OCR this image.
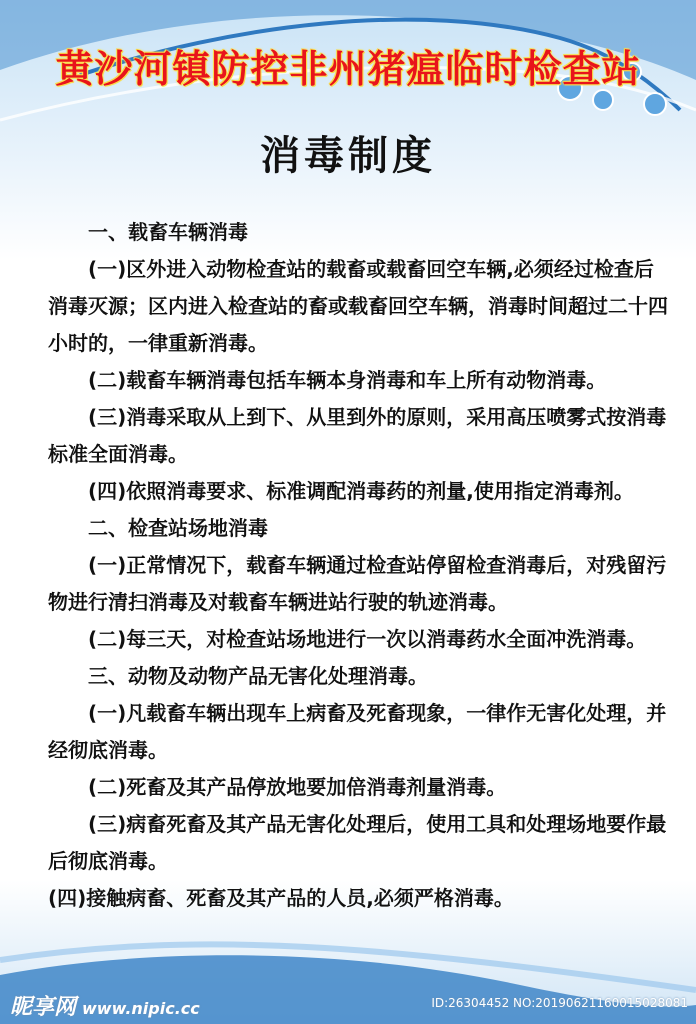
黄沙河镇防控非州猪瘟临时检查站
消毒制度

一、载畜车辆消毒

(一)区外进入动物检查站的载畜或载畜回空车辆,必须经过检查后消毒灭源；区内进入检查站的畜或载畜回空车辆，消毒时间超过二十四小时的，一律重新消毒。

(二)载畜车辆消毒包括车辆本身消毒和车上所有动物消毒。

(三)消毒采取从上到下、从里到外的原则，采用高压喷雾式按消毒标准全面消毒。

(四)依照消毒要求、标准调配消毒药的剂量,使用指定消毒剂。

二、检查站场地消毒

(一)正常情况下，载畜车辆通过检查站停留检查消毒后，对残留污物进行清扫消毒及对载畜车辆进站行驶的轨迹消毒。

(二)每三天，对检查站场地进行一次以消毒药水全面冲洗消毒。

三、动物及动物产品无害化处理消毒。

(一)凡载畜车辆出现车上病畜及死畜现象，一律作无害化处理，并经彻底消毒。

(二)死畜及其产品停放地要加倍消毒剂量消毒。

(三)病畜死畜及其产品无害化处理后，使用工具和处理场地要作最后彻底消毒。

(四)接触病畜、死畜及其产品的人员,必须严格消毒。

昵享网 www.nipic.cc	ID:26304452 NO:20190621160015028081
